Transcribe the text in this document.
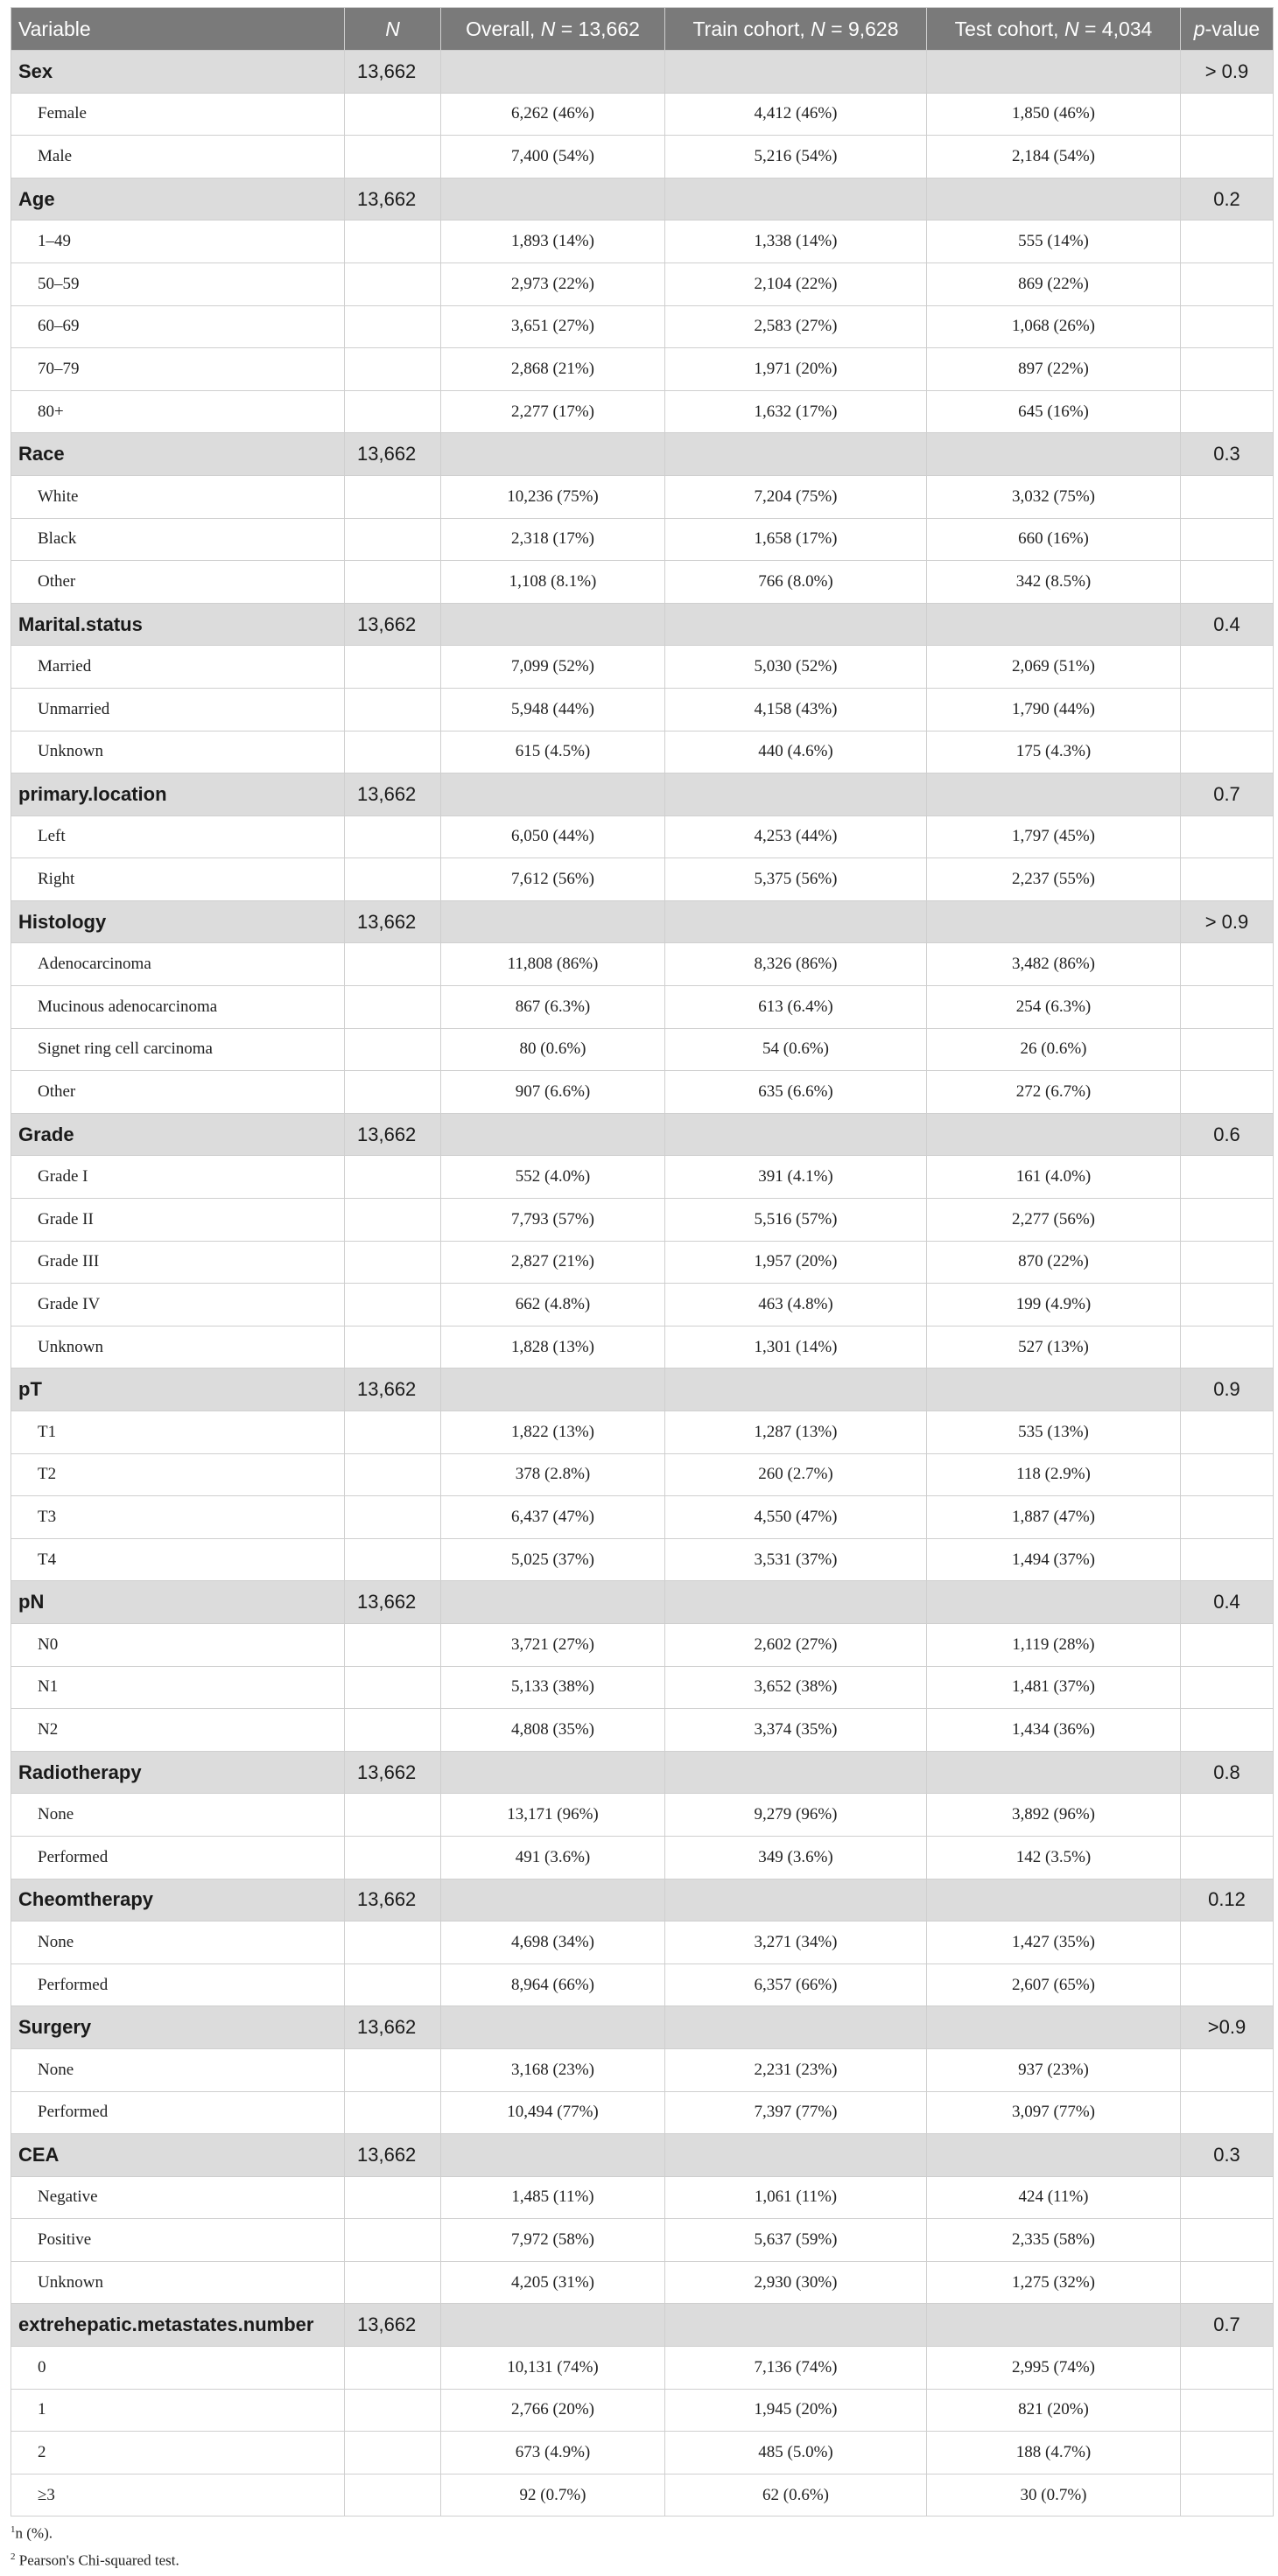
Variable	N	Overall, N = 13,662	Train cohort, N = 9,628	Test cohort, N = 4,034	p-value
Sex	13,662				> 0.9
Female		6,262 (46%)	4,412 (46%)	1,850 (46%)	
Male		7,400 (54%)	5,216 (54%)	2,184 (54%)	
Age	13,662				0.2
1–49		1,893 (14%)	1,338 (14%)	555 (14%)	
50–59		2,973 (22%)	2,104 (22%)	869 (22%)	
60–69		3,651 (27%)	2,583 (27%)	1,068 (26%)	
70–79		2,868 (21%)	1,971 (20%)	897 (22%)	
80+		2,277 (17%)	1,632 (17%)	645 (16%)	
Race	13,662				0.3
White		10,236 (75%)	7,204 (75%)	3,032 (75%)	
Black		2,318 (17%)	1,658 (17%)	660 (16%)	
Other		1,108 (8.1%)	766 (8.0%)	342 (8.5%)	
Marital.status	13,662				0.4
Married		7,099 (52%)	5,030 (52%)	2,069 (51%)	
Unmarried		5,948 (44%)	4,158 (43%)	1,790 (44%)	
Unknown		615 (4.5%)	440 (4.6%)	175 (4.3%)	
primary.location	13,662				0.7
Left		6,050 (44%)	4,253 (44%)	1,797 (45%)	
Right		7,612 (56%)	5,375 (56%)	2,237 (55%)	
Histology	13,662				> 0.9
Adenocarcinoma		11,808 (86%)	8,326 (86%)	3,482 (86%)	
Mucinous adenocarcinoma		867 (6.3%)	613 (6.4%)	254 (6.3%)	
Signet ring cell carcinoma		80 (0.6%)	54 (0.6%)	26 (0.6%)	
Other		907 (6.6%)	635 (6.6%)	272 (6.7%)	
Grade	13,662				0.6
Grade I		552 (4.0%)	391 (4.1%)	161 (4.0%)	
Grade II		7,793 (57%)	5,516 (57%)	2,277 (56%)	
Grade III		2,827 (21%)	1,957 (20%)	870 (22%)	
Grade IV		662 (4.8%)	463 (4.8%)	199 (4.9%)	
Unknown		1,828 (13%)	1,301 (14%)	527 (13%)	
pT	13,662				0.9
T1		1,822 (13%)	1,287 (13%)	535 (13%)	
T2		378 (2.8%)	260 (2.7%)	118 (2.9%)	
T3		6,437 (47%)	4,550 (47%)	1,887 (47%)	
T4		5,025 (37%)	3,531 (37%)	1,494 (37%)	
pN	13,662				0.4
N0		3,721 (27%)	2,602 (27%)	1,119 (28%)	
N1		5,133 (38%)	3,652 (38%)	1,481 (37%)	
N2		4,808 (35%)	3,374 (35%)	1,434 (36%)	
Radiotherapy	13,662				0.8
None		13,171 (96%)	9,279 (96%)	3,892 (96%)	
Performed		491 (3.6%)	349 (3.6%)	142 (3.5%)	
Cheomtherapy	13,662				0.12
None		4,698 (34%)	3,271 (34%)	1,427 (35%)	
Performed		8,964 (66%)	6,357 (66%)	2,607 (65%)	
Surgery	13,662				>0.9
None		3,168 (23%)	2,231 (23%)	937 (23%)	
Performed		10,494 (77%)	7,397 (77%)	3,097 (77%)	
CEA	13,662				0.3
Negative		1,485 (11%)	1,061 (11%)	424 (11%)	
Positive		7,972 (58%)	5,637 (59%)	2,335 (58%)	
Unknown		4,205 (31%)	2,930 (30%)	1,275 (32%)	
extrehepatic.metastates.number	13,662				0.7
0		10,131 (74%)	7,136 (74%)	2,995 (74%)	
1		2,766 (20%)	1,945 (20%)	821 (20%)	
2		673 (4.9%)	485 (5.0%)	188 (4.7%)	
≥3		92 (0.7%)	62 (0.6%)	30 (0.7%)	
$^1$n (%).
$^2$ Pearson's Chi-squared test.
